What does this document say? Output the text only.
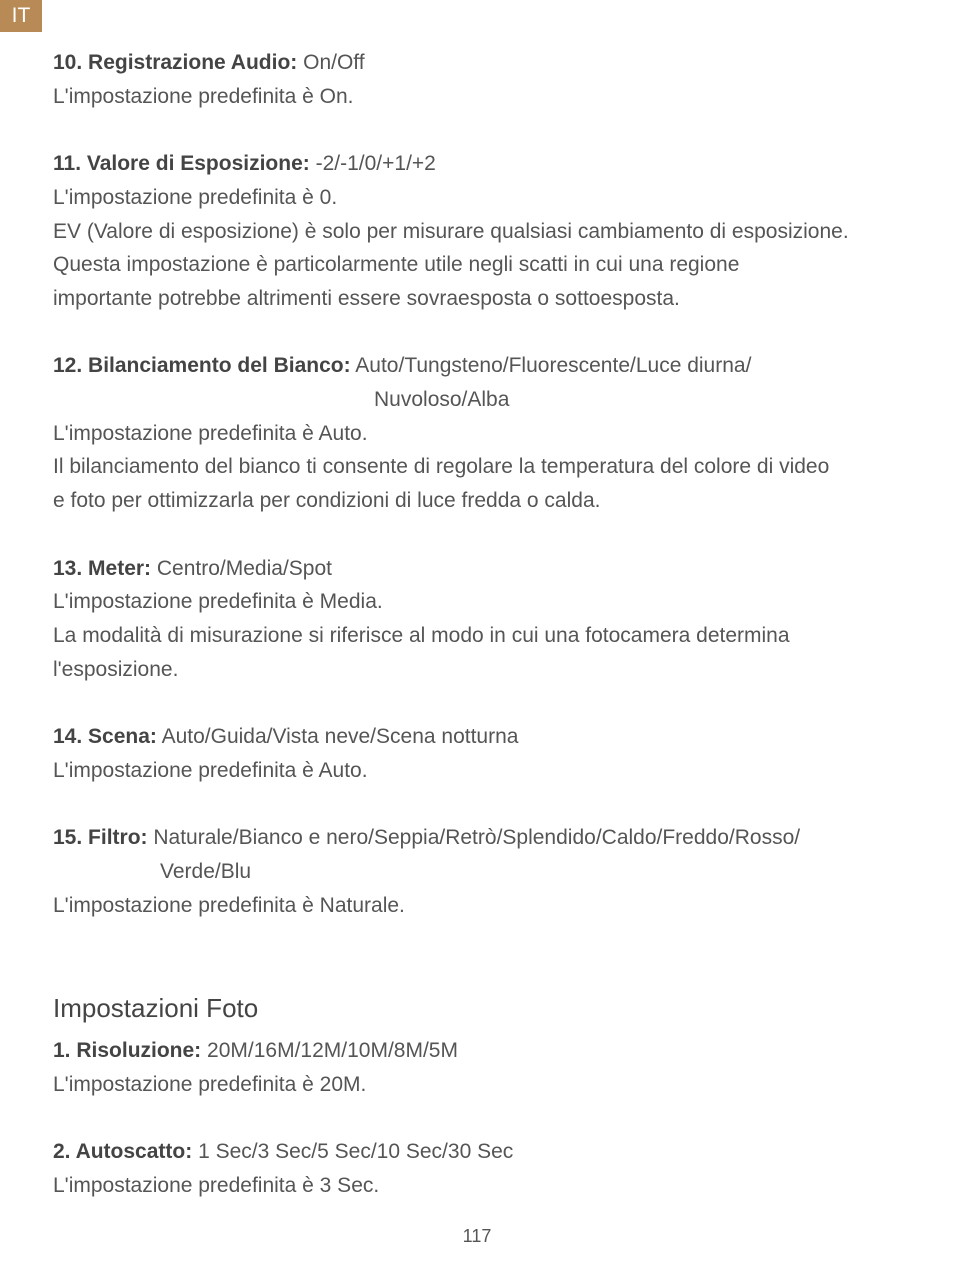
IT
10. Registrazione Audio: On/Off
L'impostazione predefinita è On.
11. Valore di Esposizione: -2/-1/0/+1/+2
L'impostazione predefinita è 0.
EV (Valore di esposizione) è solo per misurare qualsiasi cambiamento di esposizione.
Questa impostazione è particolarmente utile negli scatti in cui una regione
importante potrebbe altrimenti essere sovraesposta o sottoesposta.
12. Bilanciamento del Bianco: Auto/Tungsteno/Fluorescente/Luce diurna/
Nuvoloso/Alba
L'impostazione predefinita è Auto.
Il bilanciamento del bianco ti consente di regolare la temperatura del colore di video
e foto per ottimizzarla per condizioni di luce fredda o calda.
13. Meter: Centro/Media/Spot
L'impostazione predefinita è Media.
La modalità di misurazione si riferisce al modo in cui una fotocamera determina
l'esposizione.
14. Scena: Auto/Guida/Vista neve/Scena notturna
L'impostazione predefinita è Auto.
15. Filtro: Naturale/Bianco e nero/Seppia/Retrò/Splendido/Caldo/Freddo/Rosso/
Verde/Blu
L'impostazione predefinita è Naturale.
Impostazioni Foto
1. Risoluzione: 20M/16M/12M/10M/8M/5M
L'impostazione predefinita è 20M.
2. Autoscatto: 1 Sec/3 Sec/5 Sec/10 Sec/30 Sec
L'impostazione predefinita è 3 Sec.
117
